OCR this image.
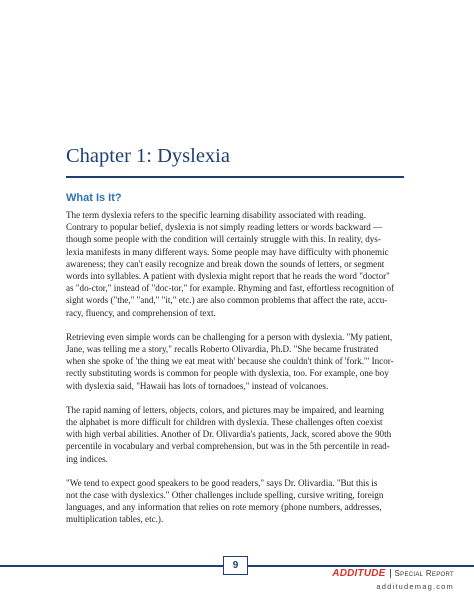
Chapter 1: Dyslexia
What Is It?

The term dyslexia refers to the specific learning disability associated with reading.
Contrary to popular belief, dyslexia is not simply reading letters or words backward —
though some people with the condition will certainly struggle with this. In reality, dys-
lexia manifests in many different ways. Some people may have difficulty with phonemic
awareness; they can't easily recognize and break down the sounds of letters, or segment
words into syllables. A patient with dyslexia might report that he reads the word "doctor"
as "do-ctor," instead of "doc-tor," for example. Rhyming and fast, effortless recognition of
sight words ("the," "and," "it," etc.) are also common problems that affect the rate, accu-
racy, fluency, and comprehension of text.

Retrieving even simple words can be challenging for a person with dyslexia. "My patient,
Jane, was telling me a story," recalls Roberto Olivardia, Ph.D. "She became frustrated
when she spoke of 'the thing we eat meat with' because she couldn't think of 'fork.'" Incor-
rectly substituting words is common for people with dyslexia, too. For example, one boy
with dyslexia said, "Hawaii has lots of tornadoes," instead of volcanoes.

The rapid naming of letters, objects, colors, and pictures may be impaired, and learning
the alphabet is more difficult for children with dyslexia. These challenges often coexist
with high verbal abilities. Another of Dr. Olivardia's patients, Jack, scored above the 90th
percentile in vocabulary and verbal comprehension, but was in the 5th percentile in read-
ing indices.

"We tend to expect good speakers to be good readers," says Dr. Olivardia. "But this is
not the case with dyslexics." Other challenges include spelling, cursive writing, foreign
languages, and any information that relies on rote memory (phone numbers, addresses,
multiplication tables, etc.).

9
ADDITUDE Special Report
additudemag.com
